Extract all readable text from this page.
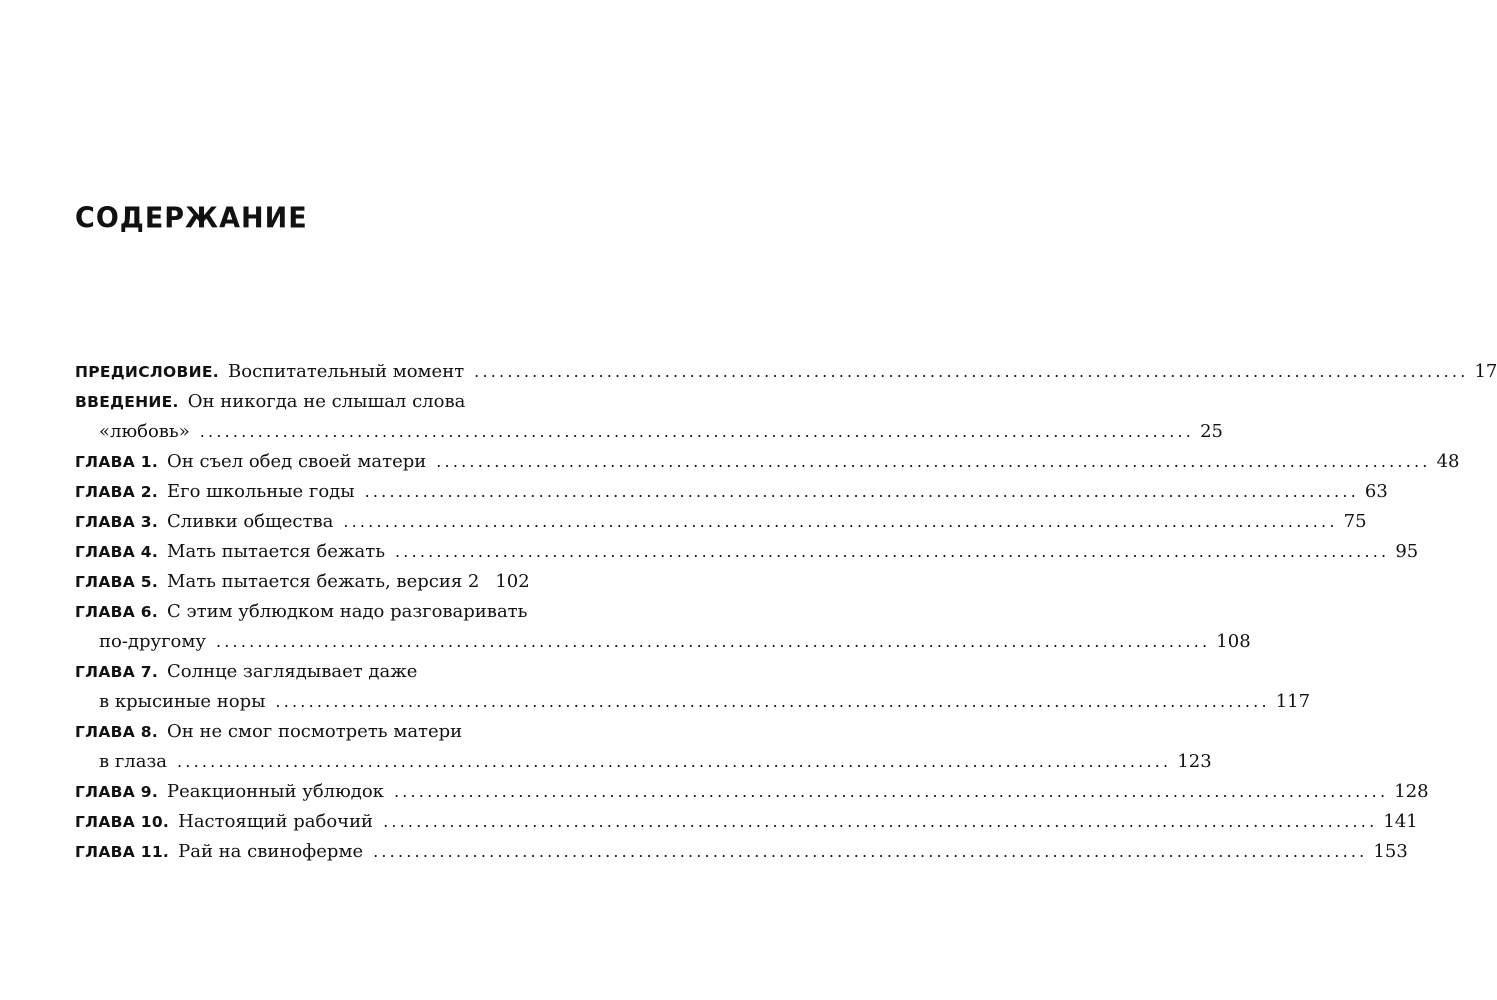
СОДЕРЖАНИЕ
ПРЕДИСЛОВИЕ. Воспитательный момент ........................................................................................................................ 17
ВВЕДЕНИЕ. Он никогда не слышал слова
«любовь» ........................................................................................................................ 25
ГЛАВА 1. Он съел обед своей матери ........................................................................................................................ 48
ГЛАВА 2. Его школьные годы ........................................................................................................................ 63
ГЛАВА 3. Сливки общества ........................................................................................................................ 75
ГЛАВА 4. Мать пытается бежать ........................................................................................................................ 95
ГЛАВА 5. Мать пытается бежать, версия 2 102
ГЛАВА 6. С этим ублюдком надо разговаривать
по-другому ........................................................................................................................ 108
ГЛАВА 7. Солнце заглядывает даже
в крысиные норы ........................................................................................................................ 117
ГЛАВА 8. Он не смог посмотреть матери
в глаза ........................................................................................................................ 123
ГЛАВА 9. Реакционный ублюдок ........................................................................................................................ 128
ГЛАВА 10. Настоящий рабочий ........................................................................................................................ 141
ГЛАВА 11. Рай на свиноферме ........................................................................................................................ 153
